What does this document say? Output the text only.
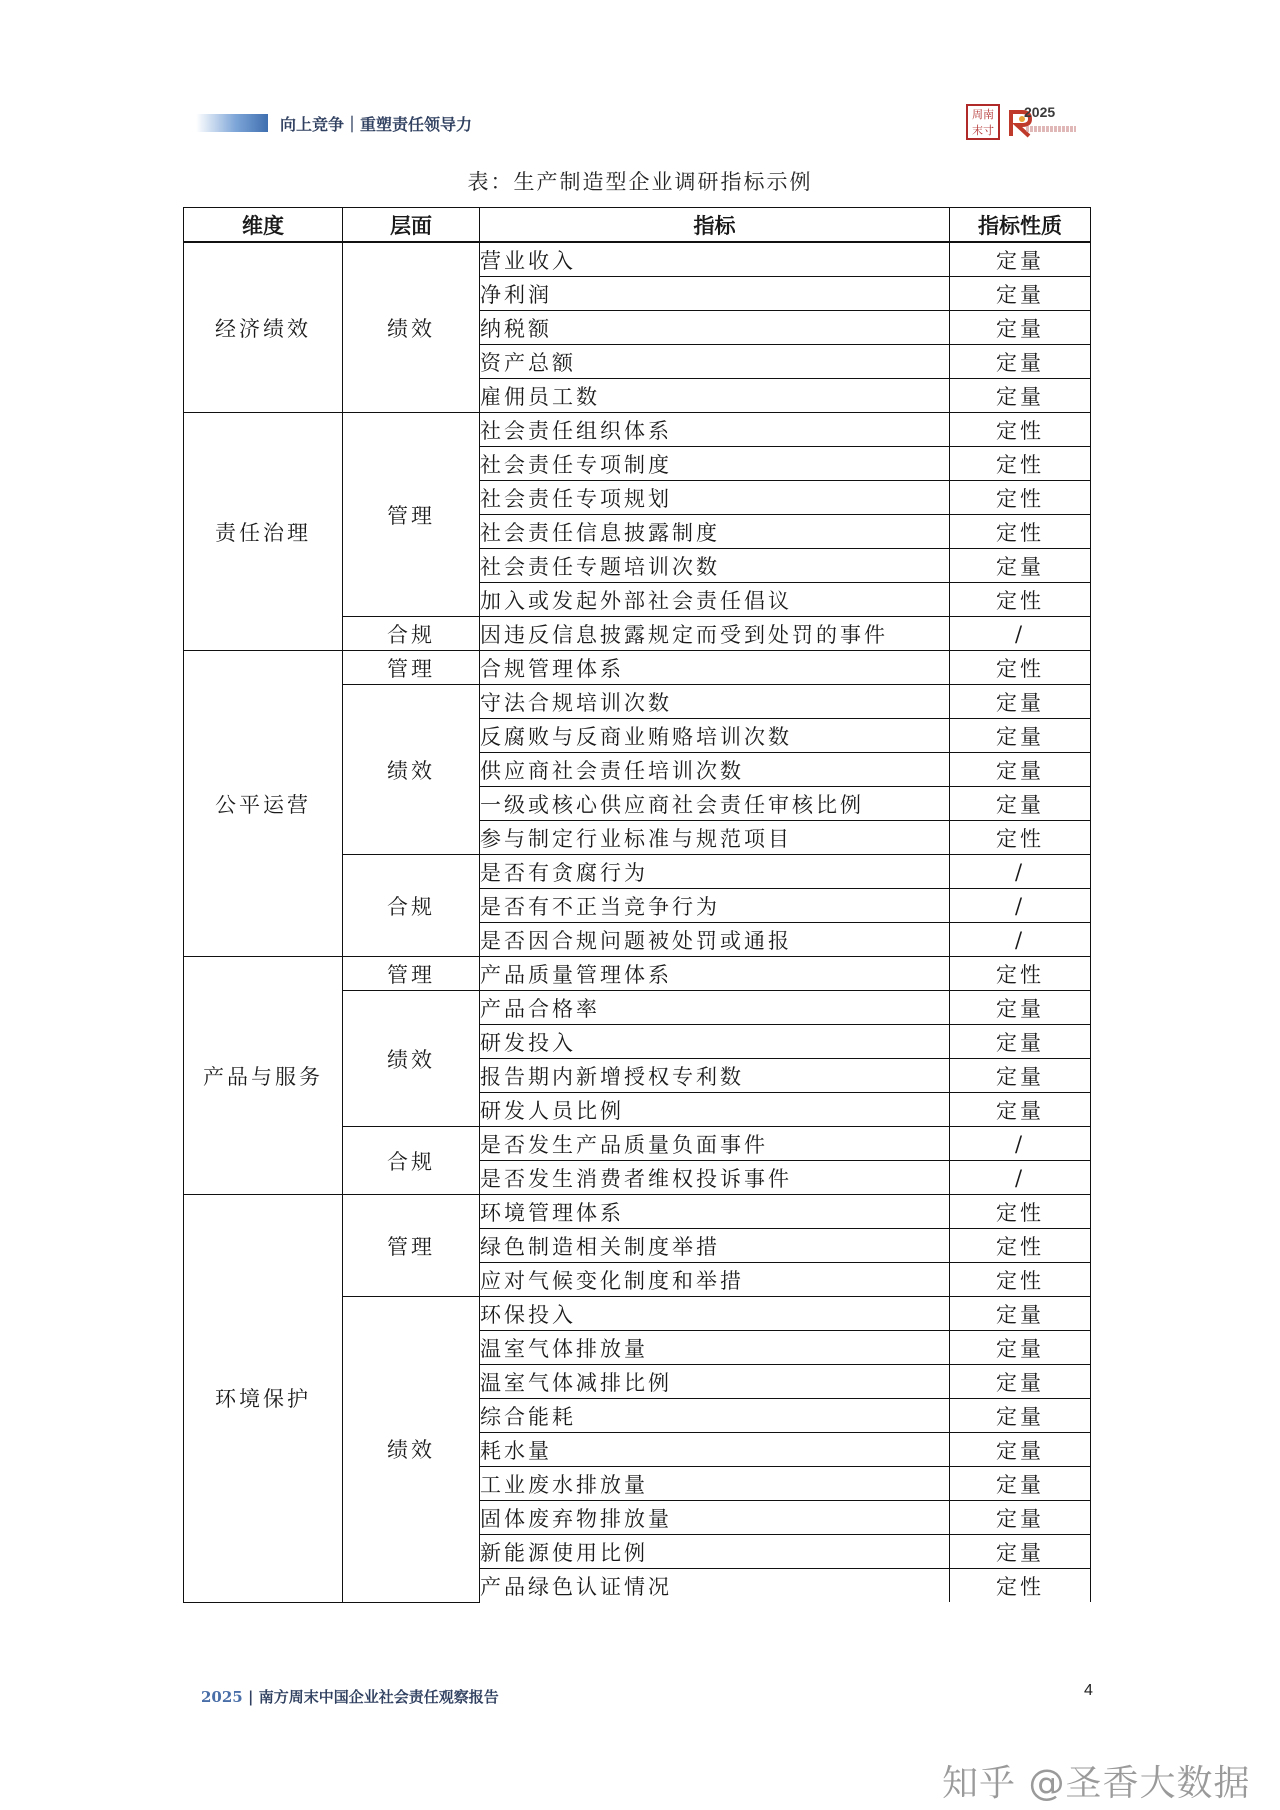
向上竞争｜重塑责任领导力
周南末寸
2025
表：生产制造型企业调研指标示例
维度	层面	指标	指标性质
经济绩效	绩效	营业收入	定量
		净利润	定量
		纳税额	定量
		资产总额	定量
		雇佣员工数	定量
责任治理	管理	社会责任组织体系	定性
		社会责任专项制度	定性
		社会责任专项规划	定性
		社会责任信息披露制度	定性
		社会责任专题培训次数	定量
		加入或发起外部社会责任倡议	定性
	合规	因违反信息披露规定而受到处罚的事件	/
公平运营	管理	合规管理体系	定性
	绩效	守法合规培训次数	定量
		反腐败与反商业贿赂培训次数	定量
		供应商社会责任培训次数	定量
		一级或核心供应商社会责任审核比例	定量
		参与制定行业标准与规范项目	定性
	合规	是否有贪腐行为	/
		是否有不正当竞争行为	/
		是否因合规问题被处罚或通报	/
产品与服务	管理	产品质量管理体系	定性
	绩效	产品合格率	定量
		研发投入	定量
		报告期内新增授权专利数	定量
		研发人员比例	定量
	合规	是否发生产品质量负面事件	/
		是否发生消费者维权投诉事件	/
环境保护	管理	环境管理体系	定性
		绿色制造相关制度举措	定性
		应对气候变化制度和举措	定性
	绩效	环保投入	定量
		温室气体排放量	定量
		温室气体减排比例	定量
		综合能耗	定量
		耗水量	定量
		工业废水排放量	定量
		固体废弃物排放量	定量
		新能源使用比例	定量
		产品绿色认证情况	定性
2025 | 南方周末中国企业社会责任观察报告	4
知乎 @圣香大数据
